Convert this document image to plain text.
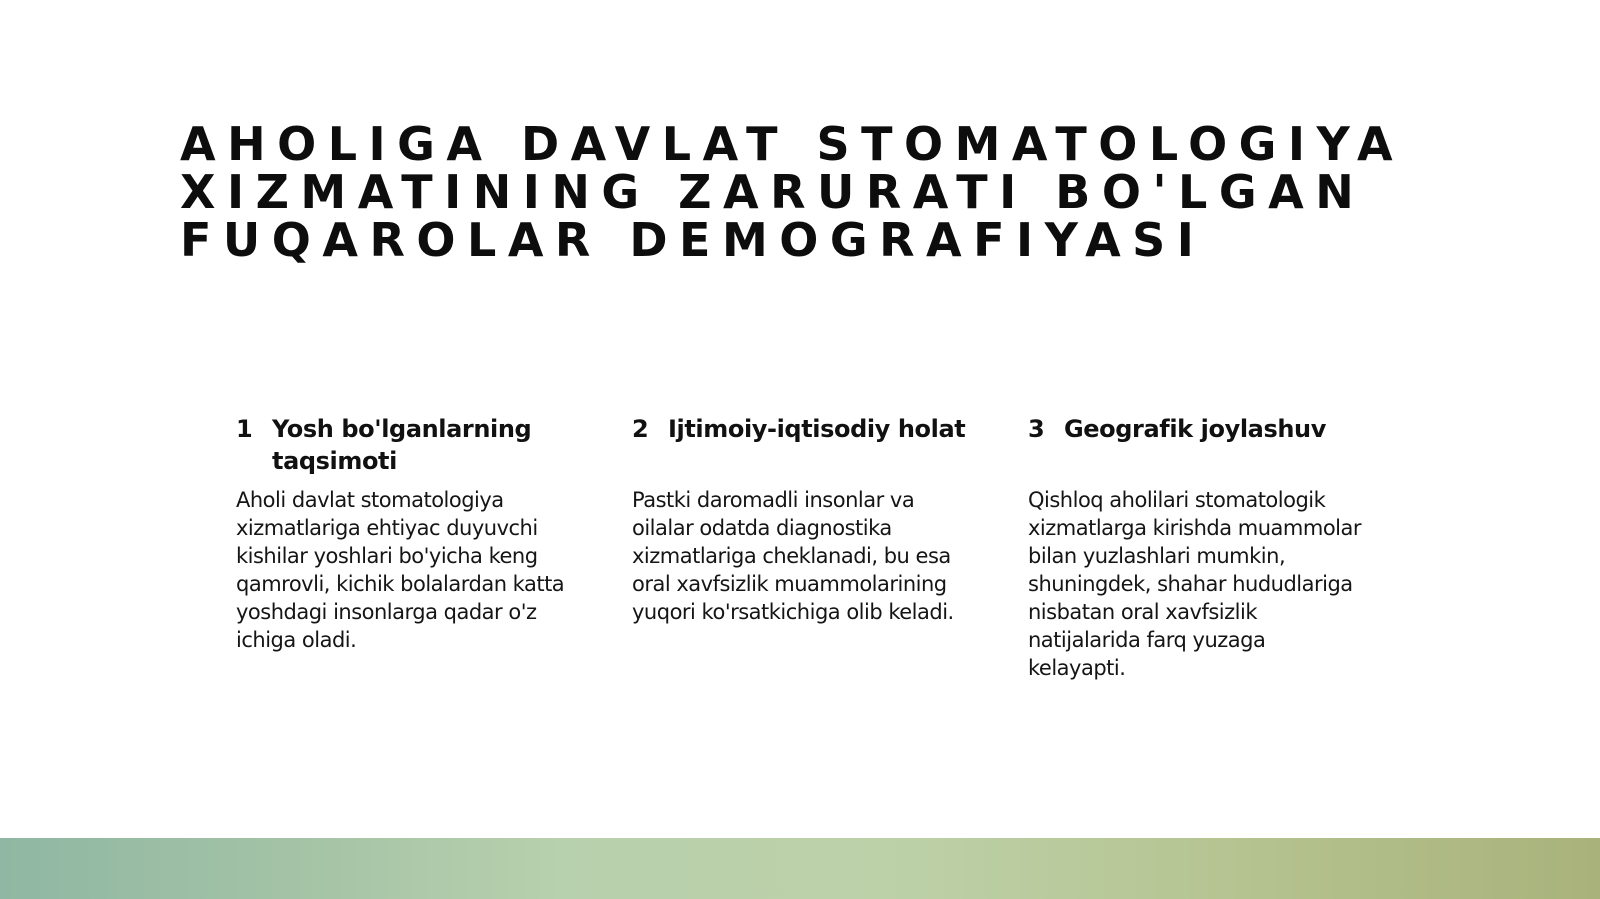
AHOLIGA DAVLAT STOMATOLOGIYA
XIZMATINING ZARURATI BO'LGAN
FUQAROLAR DEMOGRAFIYASI
1 Yosh bo'lganlarning taqsimoti

Aholi davlat stomatologiya xizmatlariga ehtiyac duyuvchi kishilar yoshlari bo'yicha keng qamrovli, kichik bolalardan katta yoshdagi insonlarga qadar o'z ichiga oladi.

2 Ijtimoiy-iqtisodiy holat

Pastki daromadli insonlar va oilalar odatda diagnostika xizmatlariga cheklanadi, bu esa oral xavfsizlik muammolarining yuqori ko'rsatkichiga olib keladi.

3 Geografik joylashuv

Qishloq aholilari stomatologik xizmatlarga kirishda muammolar bilan yuzlashlari mumkin, shuningdek, shahar hududlariga nisbatan oral xavfsizlik natijalarida farq yuzaga kelayapti.
